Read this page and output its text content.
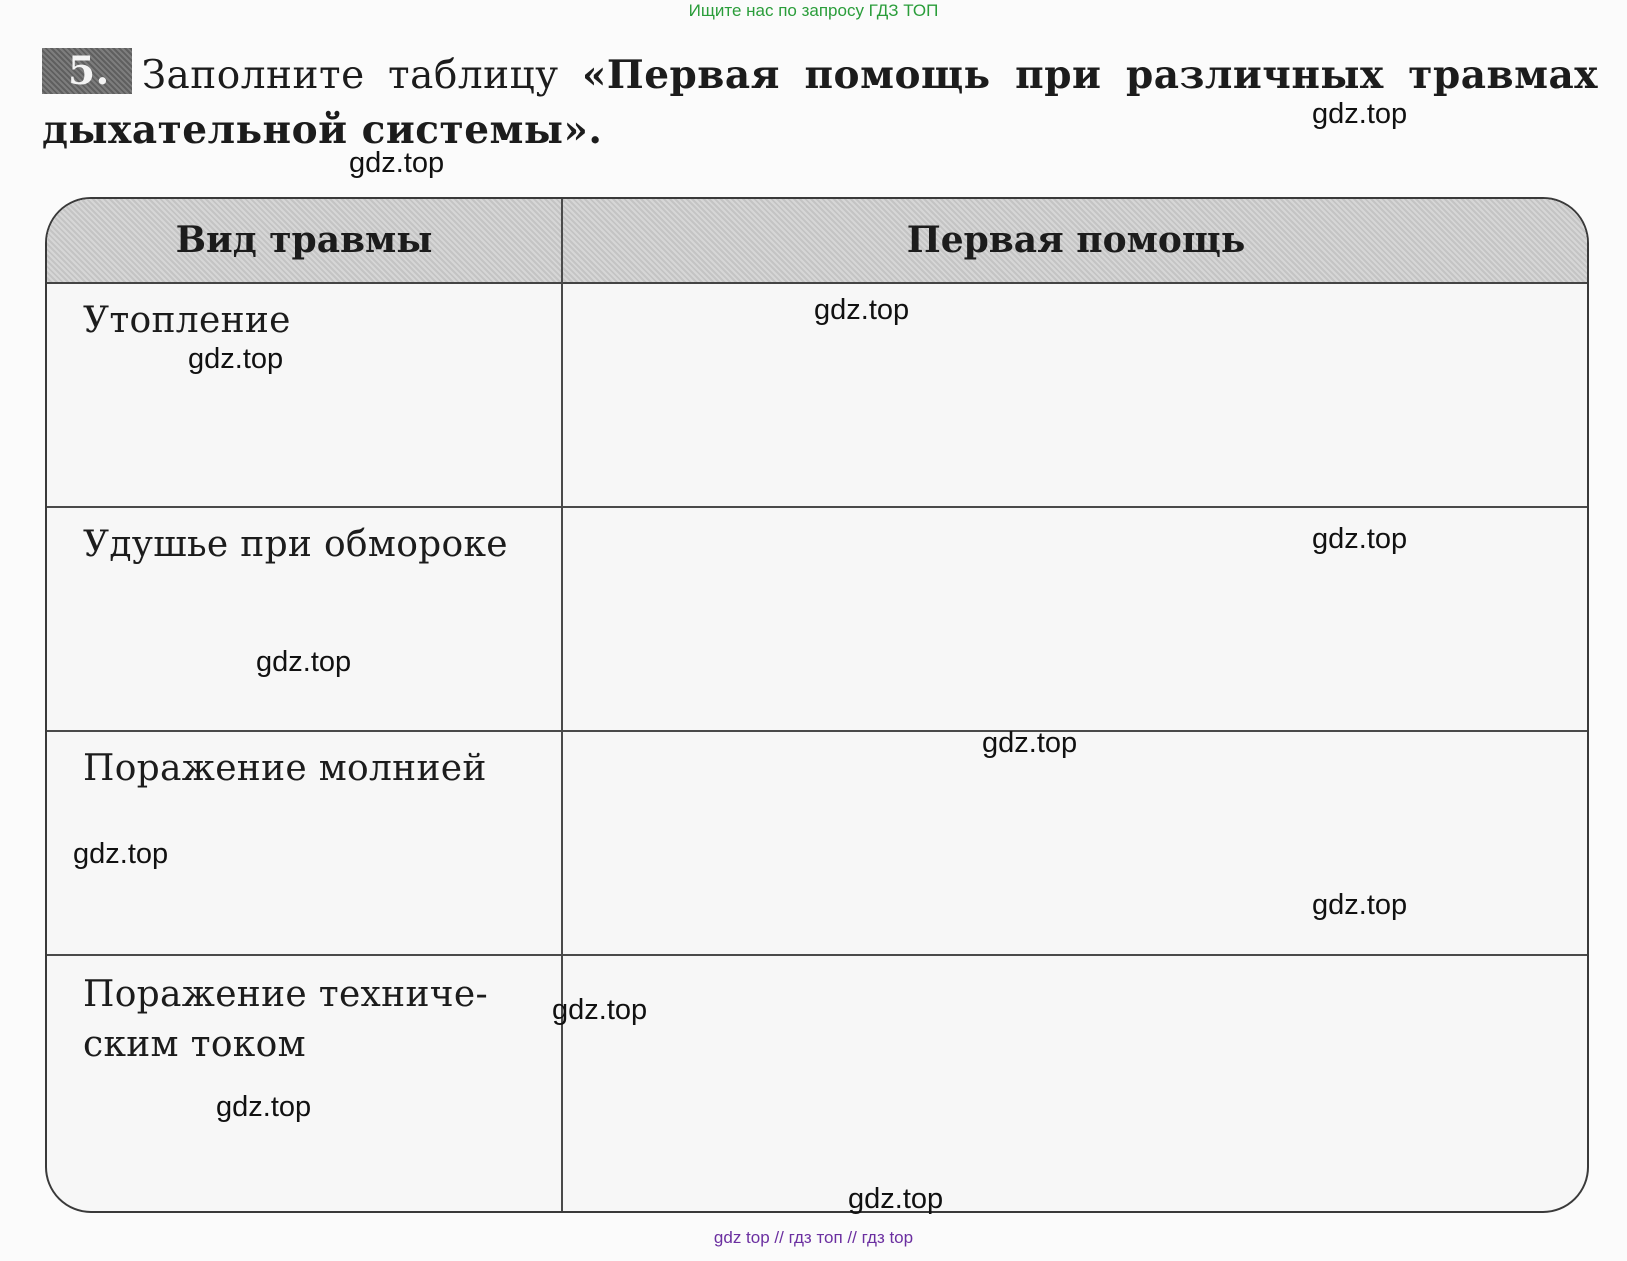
Ищите нас по запросу ГДЗ ТОП
5. Заполните таблицу «Первая помощь при различных травмах дыхательной системы».
Вид травмы	Первая помощь
Утопление
Удушье при обмороке
Поражение молнией
Поражение техниче-
ским током
gdz.top
gdz.top
gdz.top
gdz.top
gdz.top
gdz.top
gdz.top
gdz.top
gdz.top
gdz.top
gdz.top
gdz.top
gdz top // гдз топ // гдз top
